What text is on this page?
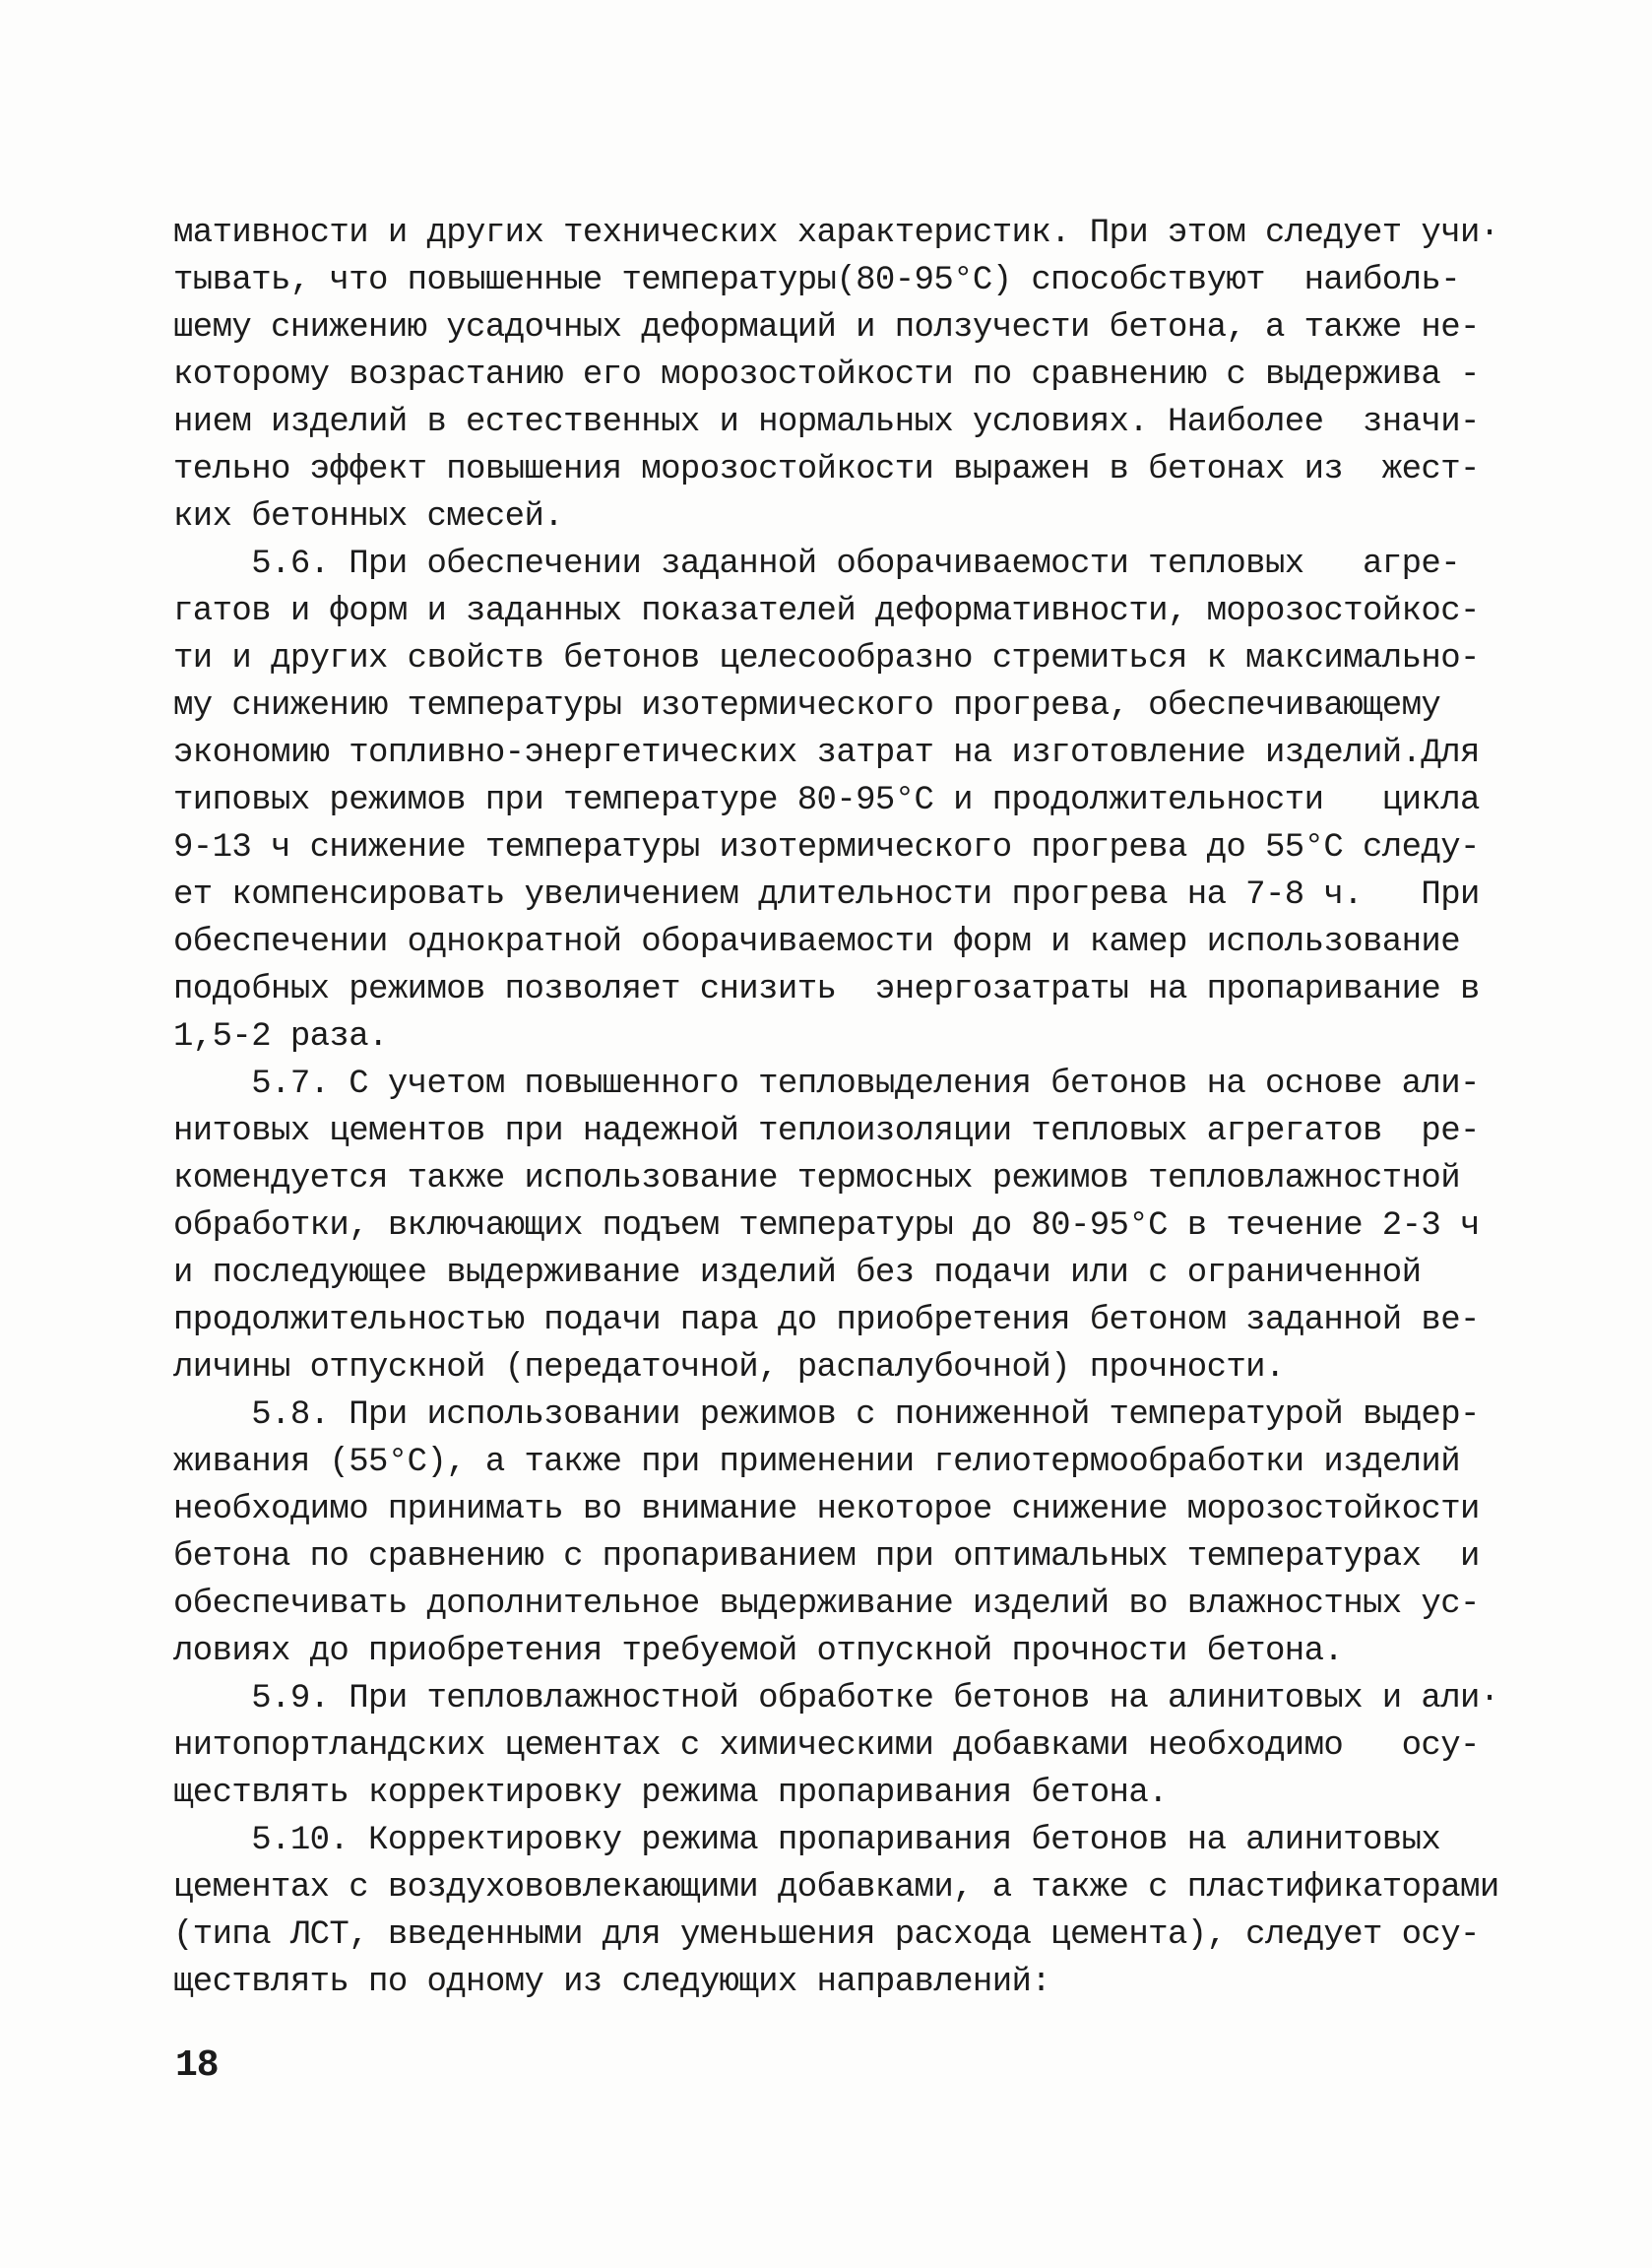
мативности и других технических характеристик. При этом следует учи·
тывать, что повышенные температуры(80-95°С) способствуют  наиболь-
шему снижению усадочных деформаций и ползучести бетона, а также не-
которому возрастанию его морозостойкости по сравнению с выдержива -
нием изделий в естественных и нормальных условиях. Наиболее  значи-
тельно эффект повышения морозостойкости выражен в бетонах из  жест-
ких бетонных смесей.
5.6. При обеспечении заданной оборачиваемости тепловых   агре-
гатов и форм и заданных показателей деформативности, морозостойкос-
ти и других свойств бетонов целесообразно стремиться к максимально-
му снижению температуры изотермического прогрева, обеспечивающему
экономию топливно-энергетических затрат на изготовление изделий.Для
типовых режимов при температуре 80-95°С и продолжительности   цикла
9-13 ч снижение температуры изотермического прогрева до 55°С следу-
ет компенсировать увеличением длительности прогрева на 7-8 ч.   При
обеспечении однократной оборачиваемости форм и камер использование
подобных режимов позволяет снизить  энергозатраты на пропаривание в
1,5-2 раза.
5.7. С учетом повышенного тепловыделения бетонов на основе али-
нитовых цементов при надежной теплоизоляции тепловых агрегатов  ре-
комендуется также использование термосных режимов тепловлажностной
обработки, включающих подъем температуры до 80-95°С в течение 2-3 ч
и последующее выдерживание изделий без подачи или с ограниченной
продолжительностью подачи пара до приобретения бетоном заданной ве-
личины отпускной (передаточной, распалубочной) прочности.
5.8. При использовании режимов с пониженной температурой выдер-
живания (55°С), а также при применении гелиотермообработки изделий
необходимо принимать во внимание некоторое снижение морозостойкости
бетона по сравнению с пропариванием при оптимальных температурах  и
обеспечивать дополнительное выдерживание изделий во влажностных ус-
ловиях до приобретения требуемой отпускной прочности бетона.
5.9. При тепловлажностной обработке бетонов на алинитовых и али·
нитопортландских цементах с химическими добавками необходимо   осу-
ществлять корректировку режима пропаривания бетона.
5.10. Корректировку режима пропаривания бетонов на алинитовых
цементах с воздухововлекающими добавками, а также с пластификаторами
(типа ЛСТ, введенными для уменьшения расхода цемента), следует осу-
ществлять по одному из следующих направлений:
18
